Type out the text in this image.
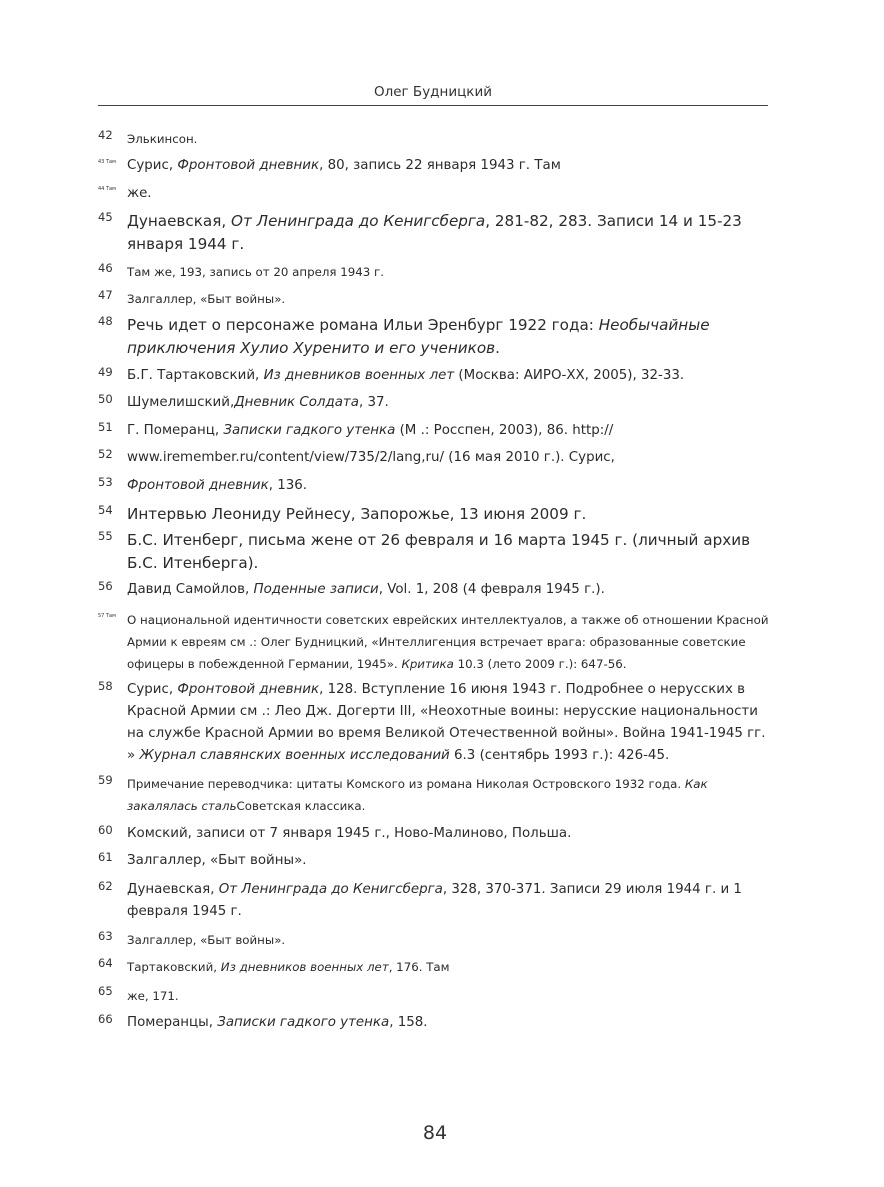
Олег Будницкий
42	Элькинсон.
43 Там Сурис, Фронтовой дневник, 80, запись 22 января 1943 г. Там
44 Там же.
45 Дунаевская, От Ленинграда до Кенигсберга, 281-82, 283. Записи 14 и 15-23 января 1944 г.
46	Там же, 193, запись от 20 апреля 1943 г.
47	Залгаллер, «Быт войны».
48 Речь идет о персонаже романа Ильи Эренбург 1922 года: Необычайные приключения Хулио Хуренито и его учеников.
49	Б.Г. Тартаковский, Из дневников военных лет (Москва: АИРО-XX, 2005), 32-33.
50	Шумелишский,Дневник Солдата, 37.
51	Г. Померанц, Записки гадкого утенка (М .: Росспен, 2003), 86. http://
52	www.iremember.ru/content/view/735/2/lang,ru/ (16 мая 2010 г.). Сурис,
53	Фронтовой дневник, 136.
54 Интервью Леониду Рейнесу, Запорожье, 13 июня 2009 г.
55 Б.С. Итенберг, письма жене от 26 февраля и 16 марта 1945 г. (личный архив Б.С. Итенберга).
56	Давид Самойлов, Поденные записи, Vol. 1, 208 (4 февраля 1945 г.).
57 Там О национальной идентичности советских еврейских интеллектуалов, а также об отношении Красной Армии к евреям см .: Олег Будницкий, «Интеллигенция встречает врага: образованные советские офицеры в побежденной Германии, 1945». Критика 10.3 (лето 2009 г.): 647-56.
58	Сурис, Фронтовой дневник, 128. Вступление 16 июня 1943 г. Подробнее о нерусских в Красной Армии см .: Лео Дж. Догерти III, «Неохотные воины: нерусские национальности на службе Красной Армии во время Великой Отечественной войны». Война 1941-1945 гг. » Журнал славянских военных исследований 6.3 (сентябрь 1993 г.): 426-45.
59	Примечание переводчика: цитаты Комского из романа Николая Островского 1932 года. Как закалялась стальСоветская классика.
60	Комский, записи от 7 января 1945 г., Ново-Малиново, Польша.
61	Залгаллер, «Быт войны».
62	Дунаевская, От Ленинграда до Кенигсберга, 328, 370-371. Записи 29 июля 1944 г. и 1 февраля 1945 г.
63	Залгаллер, «Быт войны».
64	Тартаковский, Из дневников военных лет, 176. Там
65	же, 171.
66	Померанцы, Записки гадкого утенка, 158.
84
